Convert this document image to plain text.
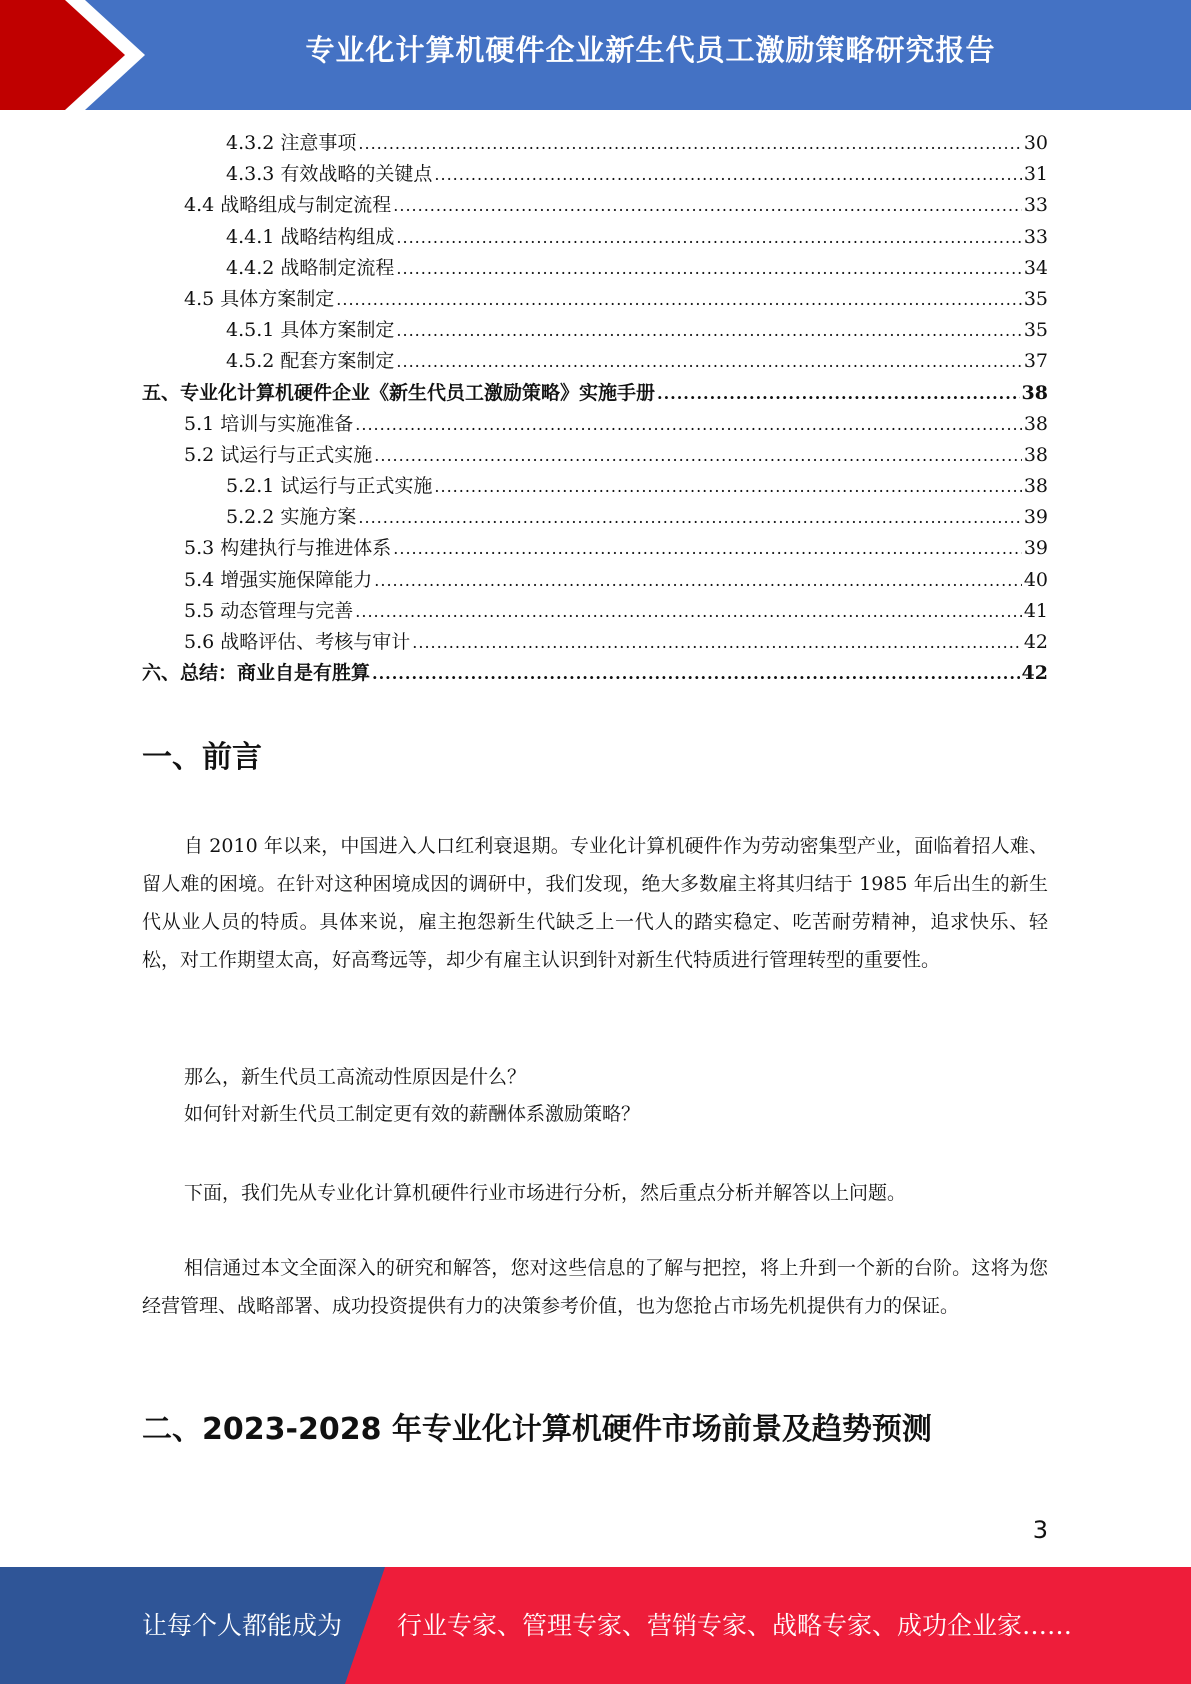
专业化计算机硬件企业新生代员工激励策略研究报告
4.3.2 注意事项 .....	30
4.3.3 有效战略的关键点 .....	31
4.4 战略组成与制定流程 .....	33
4.4.1 战略结构组成 .....	33
4.4.2 战略制定流程 .....	34
4.5 具体方案制定 .....	35
4.5.1 具体方案制定 .....	35
4.5.2 配套方案制定 .....	37
五、专业化计算机硬件企业《新生代员工激励策略》实施手册 .....	38
5.1 培训与实施准备 .....	38
5.2 试运行与正式实施 .....	38
5.2.1 试运行与正式实施 .....	38
5.2.2 实施方案 .....	39
5.3 构建执行与推进体系 .....	39
5.4 增强实施保障能力 .....	40
5.5 动态管理与完善 .....	41
5.6 战略评估、考核与审计 .....	42
六、总结：商业自是有胜算 .....	42
一、前言
自 2010 年以来，中国进入人口红利衰退期。专业化计算机硬件作为劳动密集型产业，面临着招人难、留人难的困境。在针对这种困境成因的调研中，我们发现，绝大多数雇主将其归结于 1985 年后出生的新生代从业人员的特质。具体来说，雇主抱怨新生代缺乏上一代人的踏实稳定、吃苦耐劳精神，追求快乐、轻松，对工作期望太高，好高骛远等，却少有雇主认识到针对新生代特质进行管理转型的重要性。
那么，新生代员工高流动性原因是什么？
如何针对新生代员工制定更有效的薪酬体系激励策略？
下面，我们先从专业化计算机硬件行业市场进行分析，然后重点分析并解答以上问题。
相信通过本文全面深入的研究和解答，您对这些信息的了解与把控，将上升到一个新的台阶。这将为您经营管理、战略部署、成功投资提供有力的决策参考价值，也为您抢占市场先机提供有力的保证。
二、2023-2028 年专业化计算机硬件市场前景及趋势预测
3
让每个人都能成为 行业专家、管理专家、营销专家、战略专家、成功企业家……
